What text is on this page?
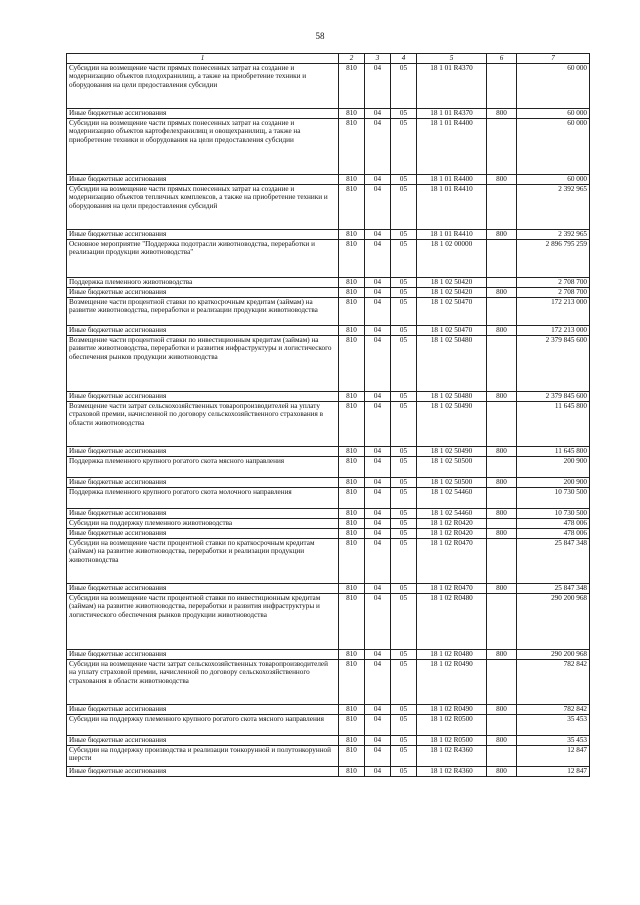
58
1	2	3	4	5	6	7
Субсидии на возмещение части прямых понесенных затрат на создание и модернизацию объектов плодохранилищ, а также на приобретение техники и оборудования на цели предоставления субсидии	810	04	05	18 1 01 R4370		60 000
Иные бюджетные ассигнования	810	04	05	18 1 01 R4370	800	60 000
Субсидии на возмещение части прямых понесенных затрат на создание и модернизацию объектов картофелехранилищ и овощехранилищ, а также на приобретение техники и оборудования на цели предоставления субсидии	810	04	05	18 1 01 R4400		60 000
Иные бюджетные ассигнования	810	04	05	18 1 01 R4400	800	60 000
Субсидии на возмещение части прямых понесенных затрат на создание и модернизацию объектов тепличных комплексов, а также на приобретение техники и оборудования на цели предоставления субсидий	810	04	05	18 1 01 R4410		2 392 965
Иные бюджетные ассигнования	810	04	05	18 1 01 R4410	800	2 392 965
Основное мероприятие "Поддержка подотрасли животноводства, переработки и реализации продукции животноводства"	810	04	05	18 1 02 00000		2 896 795 259
Поддержка племенного животноводства	810	04	05	18 1 02 50420		2 708 700
Иные бюджетные ассигнования	810	04	05	18 1 02 50420	800	2 708 700
Возмещение части процентной ставки по краткосрочным кредитам (займам) на развитие животноводства, переработки и реализации продукции животноводства	810	04	05	18 1 02 50470		172 213 000
Иные бюджетные ассигнования	810	04	05	18 1 02 50470	800	172 213 000
Возмещение части процентной ставки по инвестиционным кредитам (займам) на развитие животноводства, переработки и развития инфраструктуры и логистического обеспечения рынков продукции животноводства	810	04	05	18 1 02 50480		2 379 845 600
Иные бюджетные ассигнования	810	04	05	18 1 02 50480	800	2 379 845 600
Возмещение части затрат сельскохозяйственных товаропроизводителей на уплату страховой премии, начисленной по договору сельскохозяйственного страхования в области животноводства	810	04	05	18 1 02 50490		11 645 800
Иные бюджетные ассигнования	810	04	05	18 1 02 50490	800	11 645 800
Поддержка племенного крупного рогатого скота мясного направления	810	04	05	18 1 02 50500		200 900
Иные бюджетные ассигнования	810	04	05	18 1 02 50500	800	200 900
Поддержка племенного крупного рогатого скота молочного направления	810	04	05	18 1 02 54460		10 730 500
Иные бюджетные ассигнования	810	04	05	18 1 02 54460	800	10 730 500
Субсидии на поддержку племенного животноводства	810	04	05	18 1 02 R0420		478 006
Иные бюджетные ассигнования	810	04	05	18 1 02 R0420	800	478 006
Субсидии на возмещение части процентной ставки по краткосрочным кредитам (займам) на развитие животноводства, переработки и реализации продукции животноводства	810	04	05	18 1 02 R0470		25 847 348
Иные бюджетные ассигнования	810	04	05	18 1 02 R0470	800	25 847 348
Субсидии на возмещение части процентной ставки по инвестиционным кредитам (займам) на развитие животноводства, переработки и развития инфраструктуры и логистического обеспечения рынков продукции животноводства	810	04	05	18 1 02 R0480		290 200 968
Иные бюджетные ассигнования	810	04	05	18 1 02 R0480	800	290 200 968
Субсидии на возмещение части затрат сельскохозяйственных товаропроизводителей на уплату страховой премии, начисленной по договору сельскохозяйственного страхования в области животноводства	810	04	05	18 1 02 R0490		782 842
Иные бюджетные ассигнования	810	04	05	18 1 02 R0490	800	782 842
Субсидии на поддержку племенного крупного рогатого скота мясного направления	810	04	05	18 1 02 R0500		35 453
Иные бюджетные ассигнования	810	04	05	18 1 02 R0500	800	35 453
Субсидии на поддержку производства и реализации тонкорунной и полутонкорунной шерсти	810	04	05	18 1 02 R4360		12 847
Иные бюджетные ассигнования	810	04	05	18 1 02 R4360	800	12 847
